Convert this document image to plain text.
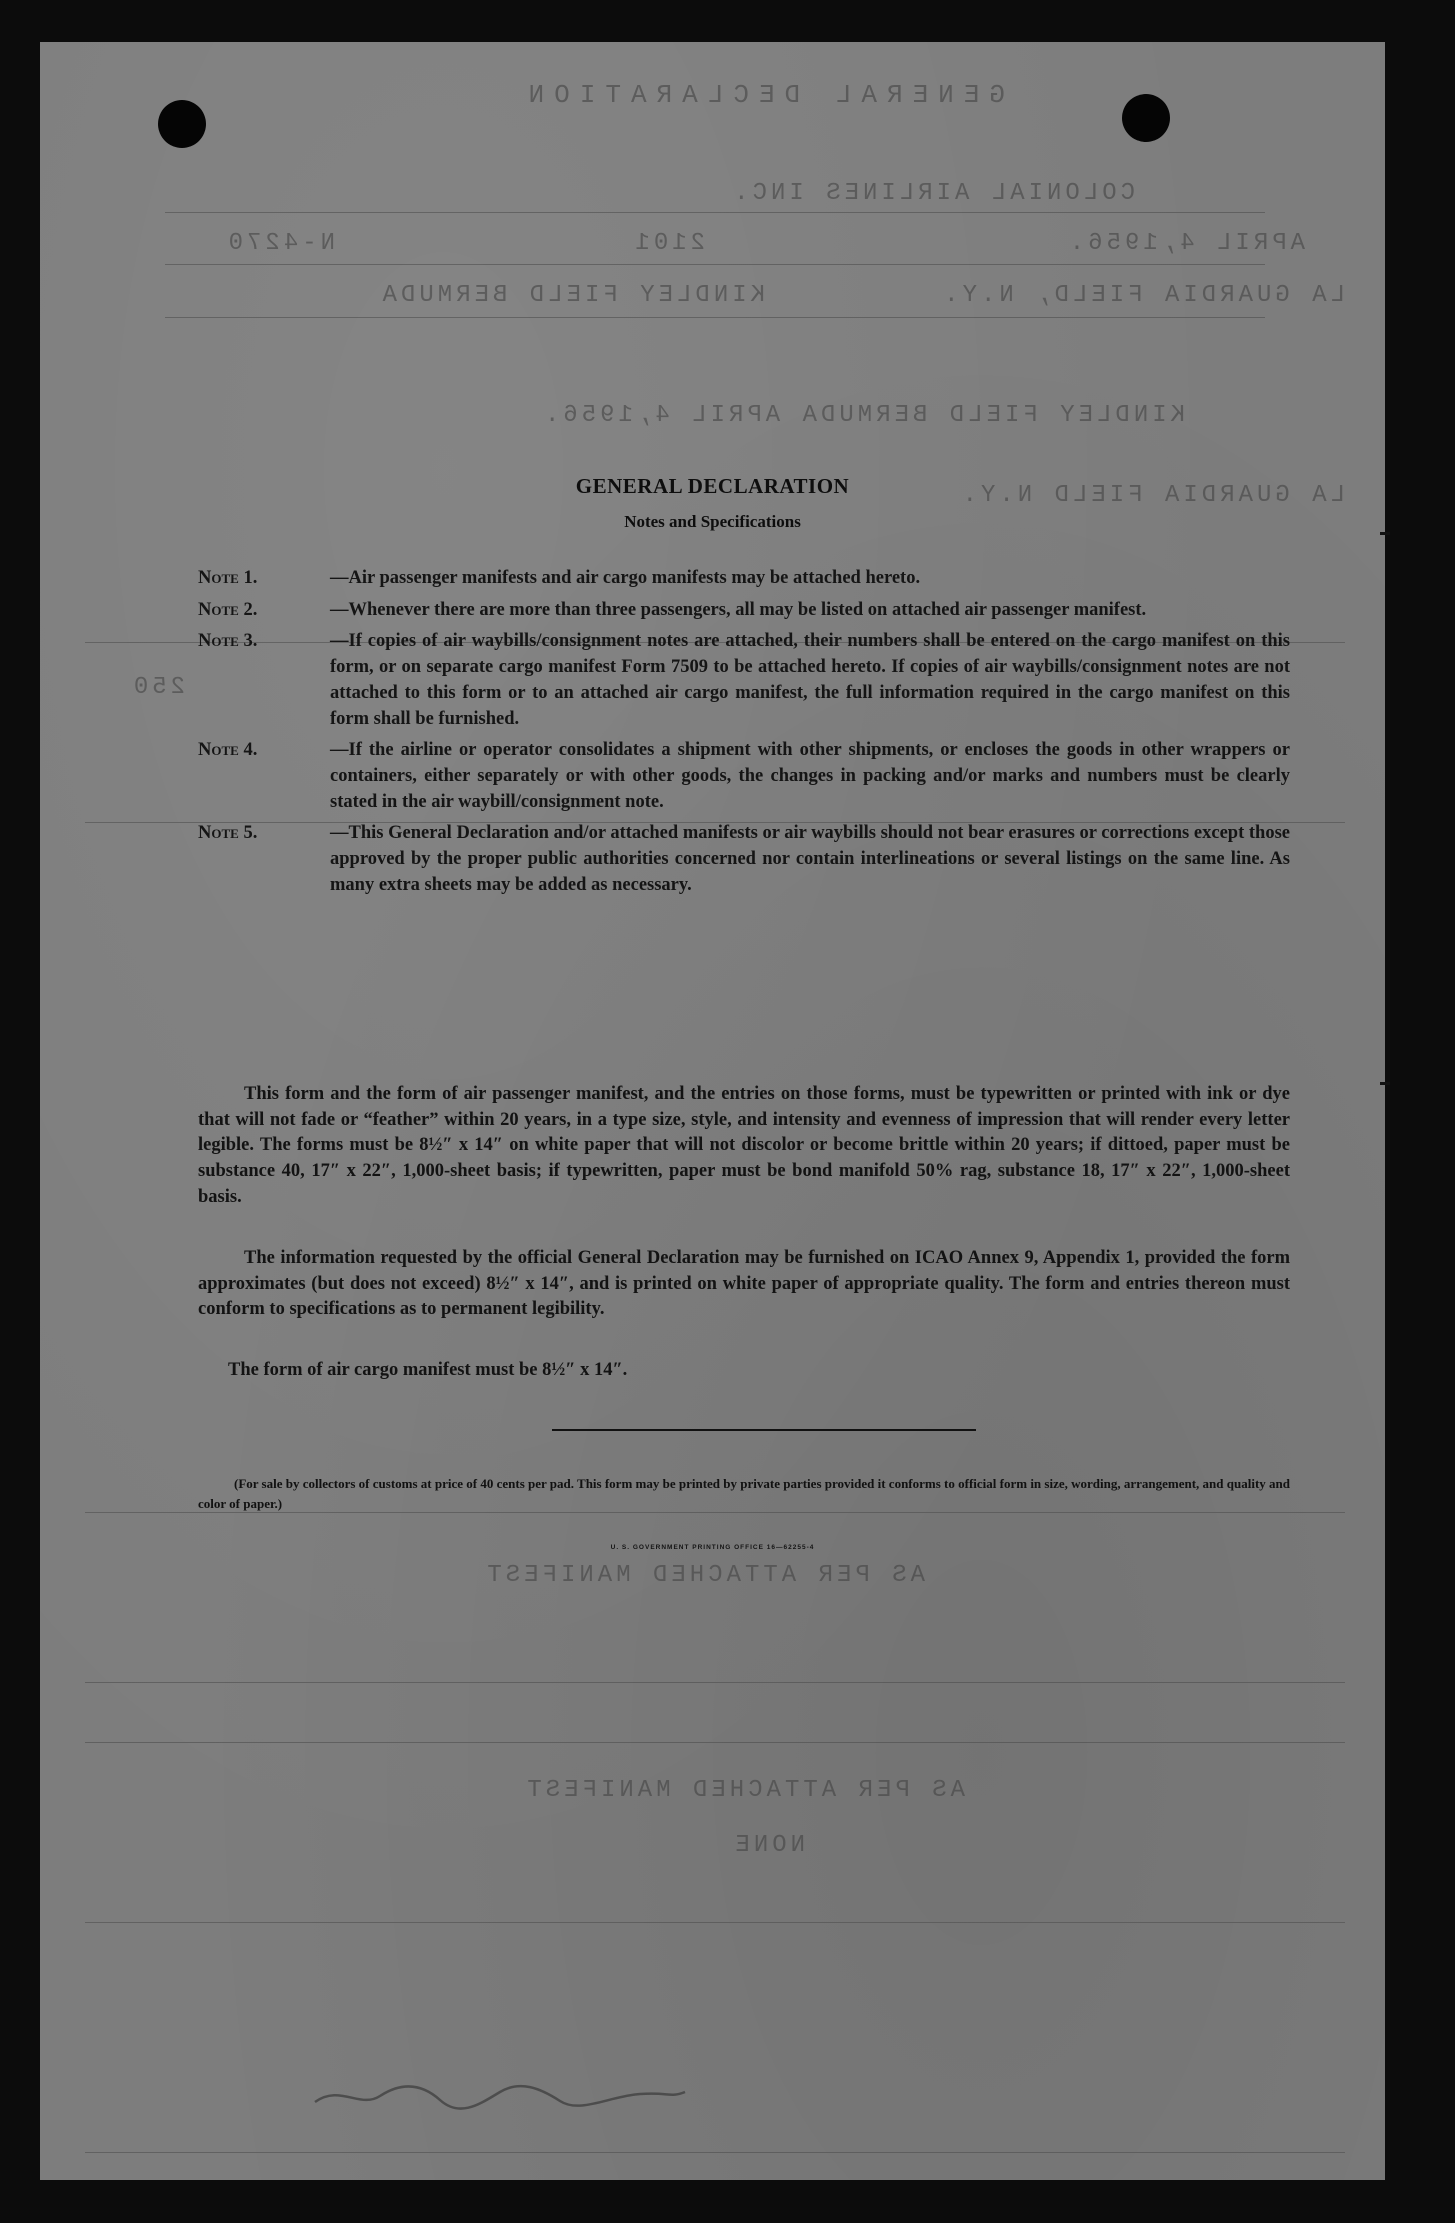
GENERAL DECLARATION
COLONIAL AIRLINES INC.
N-4270	2101	APRIL 4,1956.
KINDLEY FIELD BERMUDA	LA GUARDIA FIELD, N.Y.
KINDLEY FIELD BERMUDA APRIL 4,1956.
LA GUARDIA FIELD N.Y.
250
AS PER ATTACHED MANIFEST
AS PER ATTACHED MANIFEST
NONE
GENERAL DECLARATION
Notes and Specifications
Note 1.	—Air passenger manifests and air cargo manifests may be attached hereto.
Note 2.	—Whenever there are more than three passengers, all may be listed on attached air passenger manifest.
Note 3.	—If copies of air waybills/consignment notes are attached, their numbers shall be entered on the cargo manifest on this form, or on separate cargo manifest Form 7509 to be attached hereto. If copies of air waybills/consignment notes are not attached to this form or to an attached air cargo manifest, the full information required in the cargo manifest on this form shall be furnished.
Note 4.	—If the airline or operator consolidates a shipment with other shipments, or encloses the goods in other wrappers or containers, either separately or with other goods, the changes in packing and/or marks and numbers must be clearly stated in the air waybill/consignment note.
Note 5.	—This General Declaration and/or attached manifests or air waybills should not bear erasures or corrections except those approved by the proper public authorities concerned nor contain interlineations or several listings on the same line. As many extra sheets may be added as necessary.
This form and the form of air passenger manifest, and the entries on those forms, must be typewritten or printed with ink or dye that will not fade or “feather” within 20 years, in a type size, style, and intensity and evenness of impression that will render every letter legible. The forms must be 8½″ x 14″ on white paper that will not discolor or become brittle within 20 years; if dittoed, paper must be substance 40, 17″ x 22″, 1,000-sheet basis; if typewritten, paper must be bond manifold 50% rag, substance 18, 17″ x 22″, 1,000-sheet basis.
The information requested by the official General Declaration may be furnished on ICAO Annex 9, Appendix 1, provided the form approximates (but does not exceed) 8½″ x 14″, and is printed on white paper of appropriate quality. The form and entries thereon must conform to specifications as to permanent legibility.
The form of air cargo manifest must be 8½″ x 14″.
(For sale by collectors of customs at price of 40 cents per pad. This form may be printed by private parties provided it conforms to official form in size, wording, arrangement, and quality and color of paper.)
U. S. GOVERNMENT PRINTING OFFICE 16—62255-4
